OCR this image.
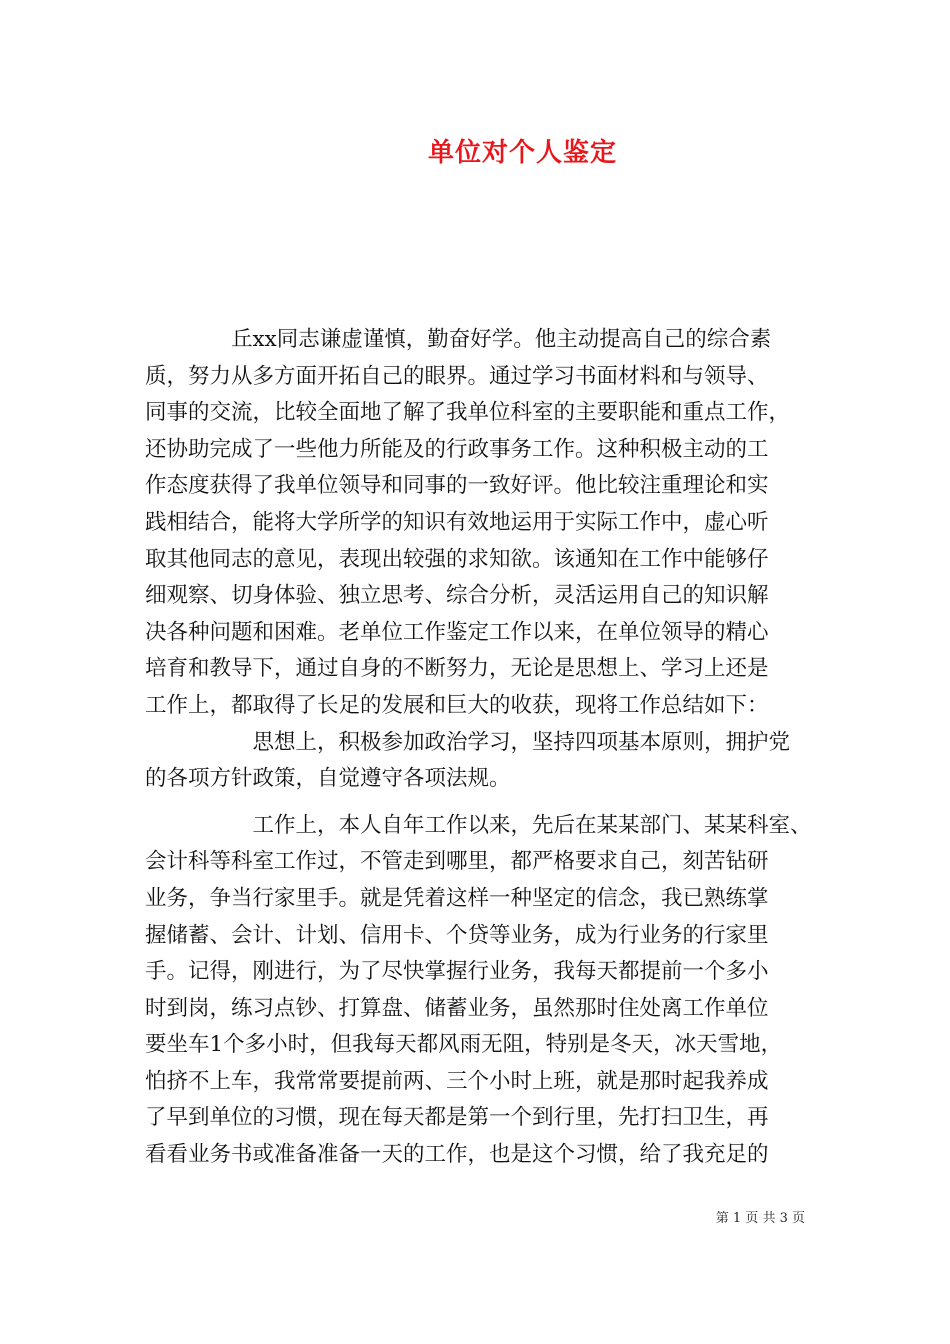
单位对个人鉴定

　　　　丘xx同志谦虚谨慎，勤奋好学。他主动提高自己的综合素

质，努力从多方面开拓自己的眼界。通过学习书面材料和与领导、

同事的交流，比较全面地了解了我单位科室的主要职能和重点工作，

还协助完成了一些他力所能及的行政事务工作。这种积极主动的工

作态度获得了我单位领导和同事的一致好评。他比较注重理论和实

践相结合，能将大学所学的知识有效地运用于实际工作中，虚心听

取其他同志的意见，表现出较强的求知欲。该通知在工作中能够仔

细观察、切身体验、独立思考、综合分析，灵活运用自己的知识解

决各种问题和困难。老单位工作鉴定工作以来，在单位领导的精心

培育和教导下，通过自身的不断努力，无论是思想上、学习上还是

工作上，都取得了长足的发展和巨大的收获，现将工作总结如下：

　　　　　思想上，积极参加政治学习，坚持四项基本原则，拥护党

的各项方针政策，自觉遵守各项法规。

　　　　　工作上，本人自年工作以来，先后在某某部门、某某科室、

会计科等科室工作过，不管走到哪里，都严格要求自己，刻苦钻研

业务，争当行家里手。就是凭着这样一种坚定的信念，我已熟练掌

握储蓄、会计、计划、信用卡、个贷等业务，成为行业务的行家里

手。记得，刚进行，为了尽快掌握行业务，我每天都提前一个多小

时到岗，练习点钞、打算盘、储蓄业务，虽然那时住处离工作单位

要坐车1个多小时，但我每天都风雨无阻，特别是冬天，冰天雪地，

怕挤不上车，我常常要提前两、三个小时上班，就是那时起我养成

了早到单位的习惯，现在每天都是第一个到行里，先打扫卫生，再

看看业务书或准备准备一天的工作，也是这个习惯，给了我充足的

第 1 页 共 3 页
